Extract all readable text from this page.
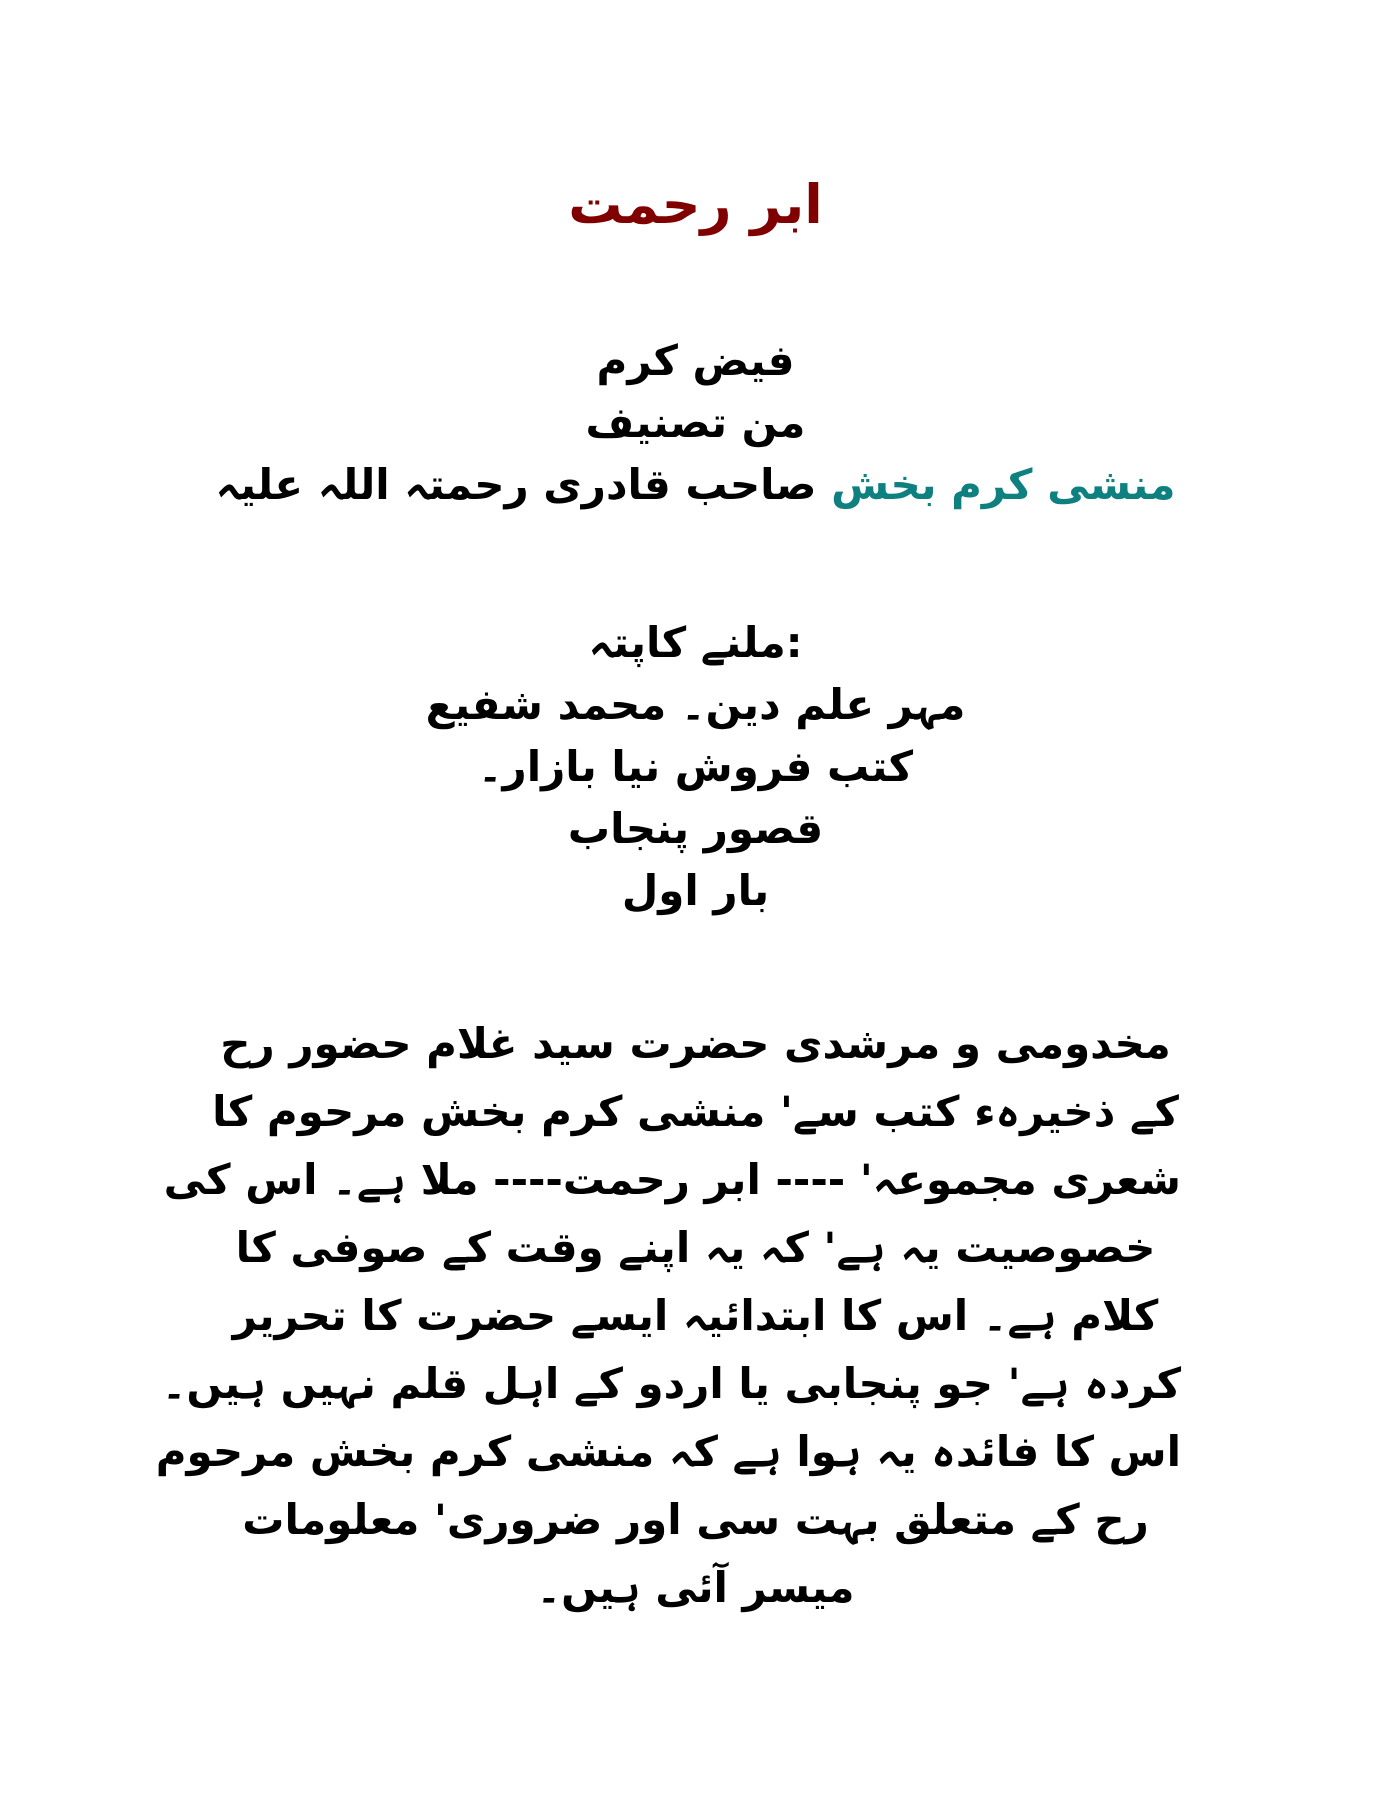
ابر رحمت
فیض کرم
من تصنیف
منشی کرم بخش صاحب قادری رحمتہ اللہ علیہ
:ملنے کاپتہ
مہر علم دین۔ محمد شفیع
کتب فروش نیا بازار۔
قصور پنجاب
بار اول
مخدومی و مرشدی حضرت سید غلام حضور رح
کے ذخیرہء کتب سے' منشی کرم بخش مرحوم کا
شعری مجموعہ' ---- ابر رحمت---- ملا ہے۔ اس کی
خصوصیت یہ ہے' کہ یہ اپنے وقت کے صوفی کا
کلام ہے۔ اس کا ابتدائیہ ایسے حضرت کا تحریر
کردہ ہے' جو پنجابی یا اردو کے اہل قلم نہیں ہیں۔
اس کا فائدہ یہ ہوا ہے کہ منشی کرم بخش مرحوم
رح کے متعلق بہت سی اور ضروری' معلومات
میسر آئی ہیں۔
